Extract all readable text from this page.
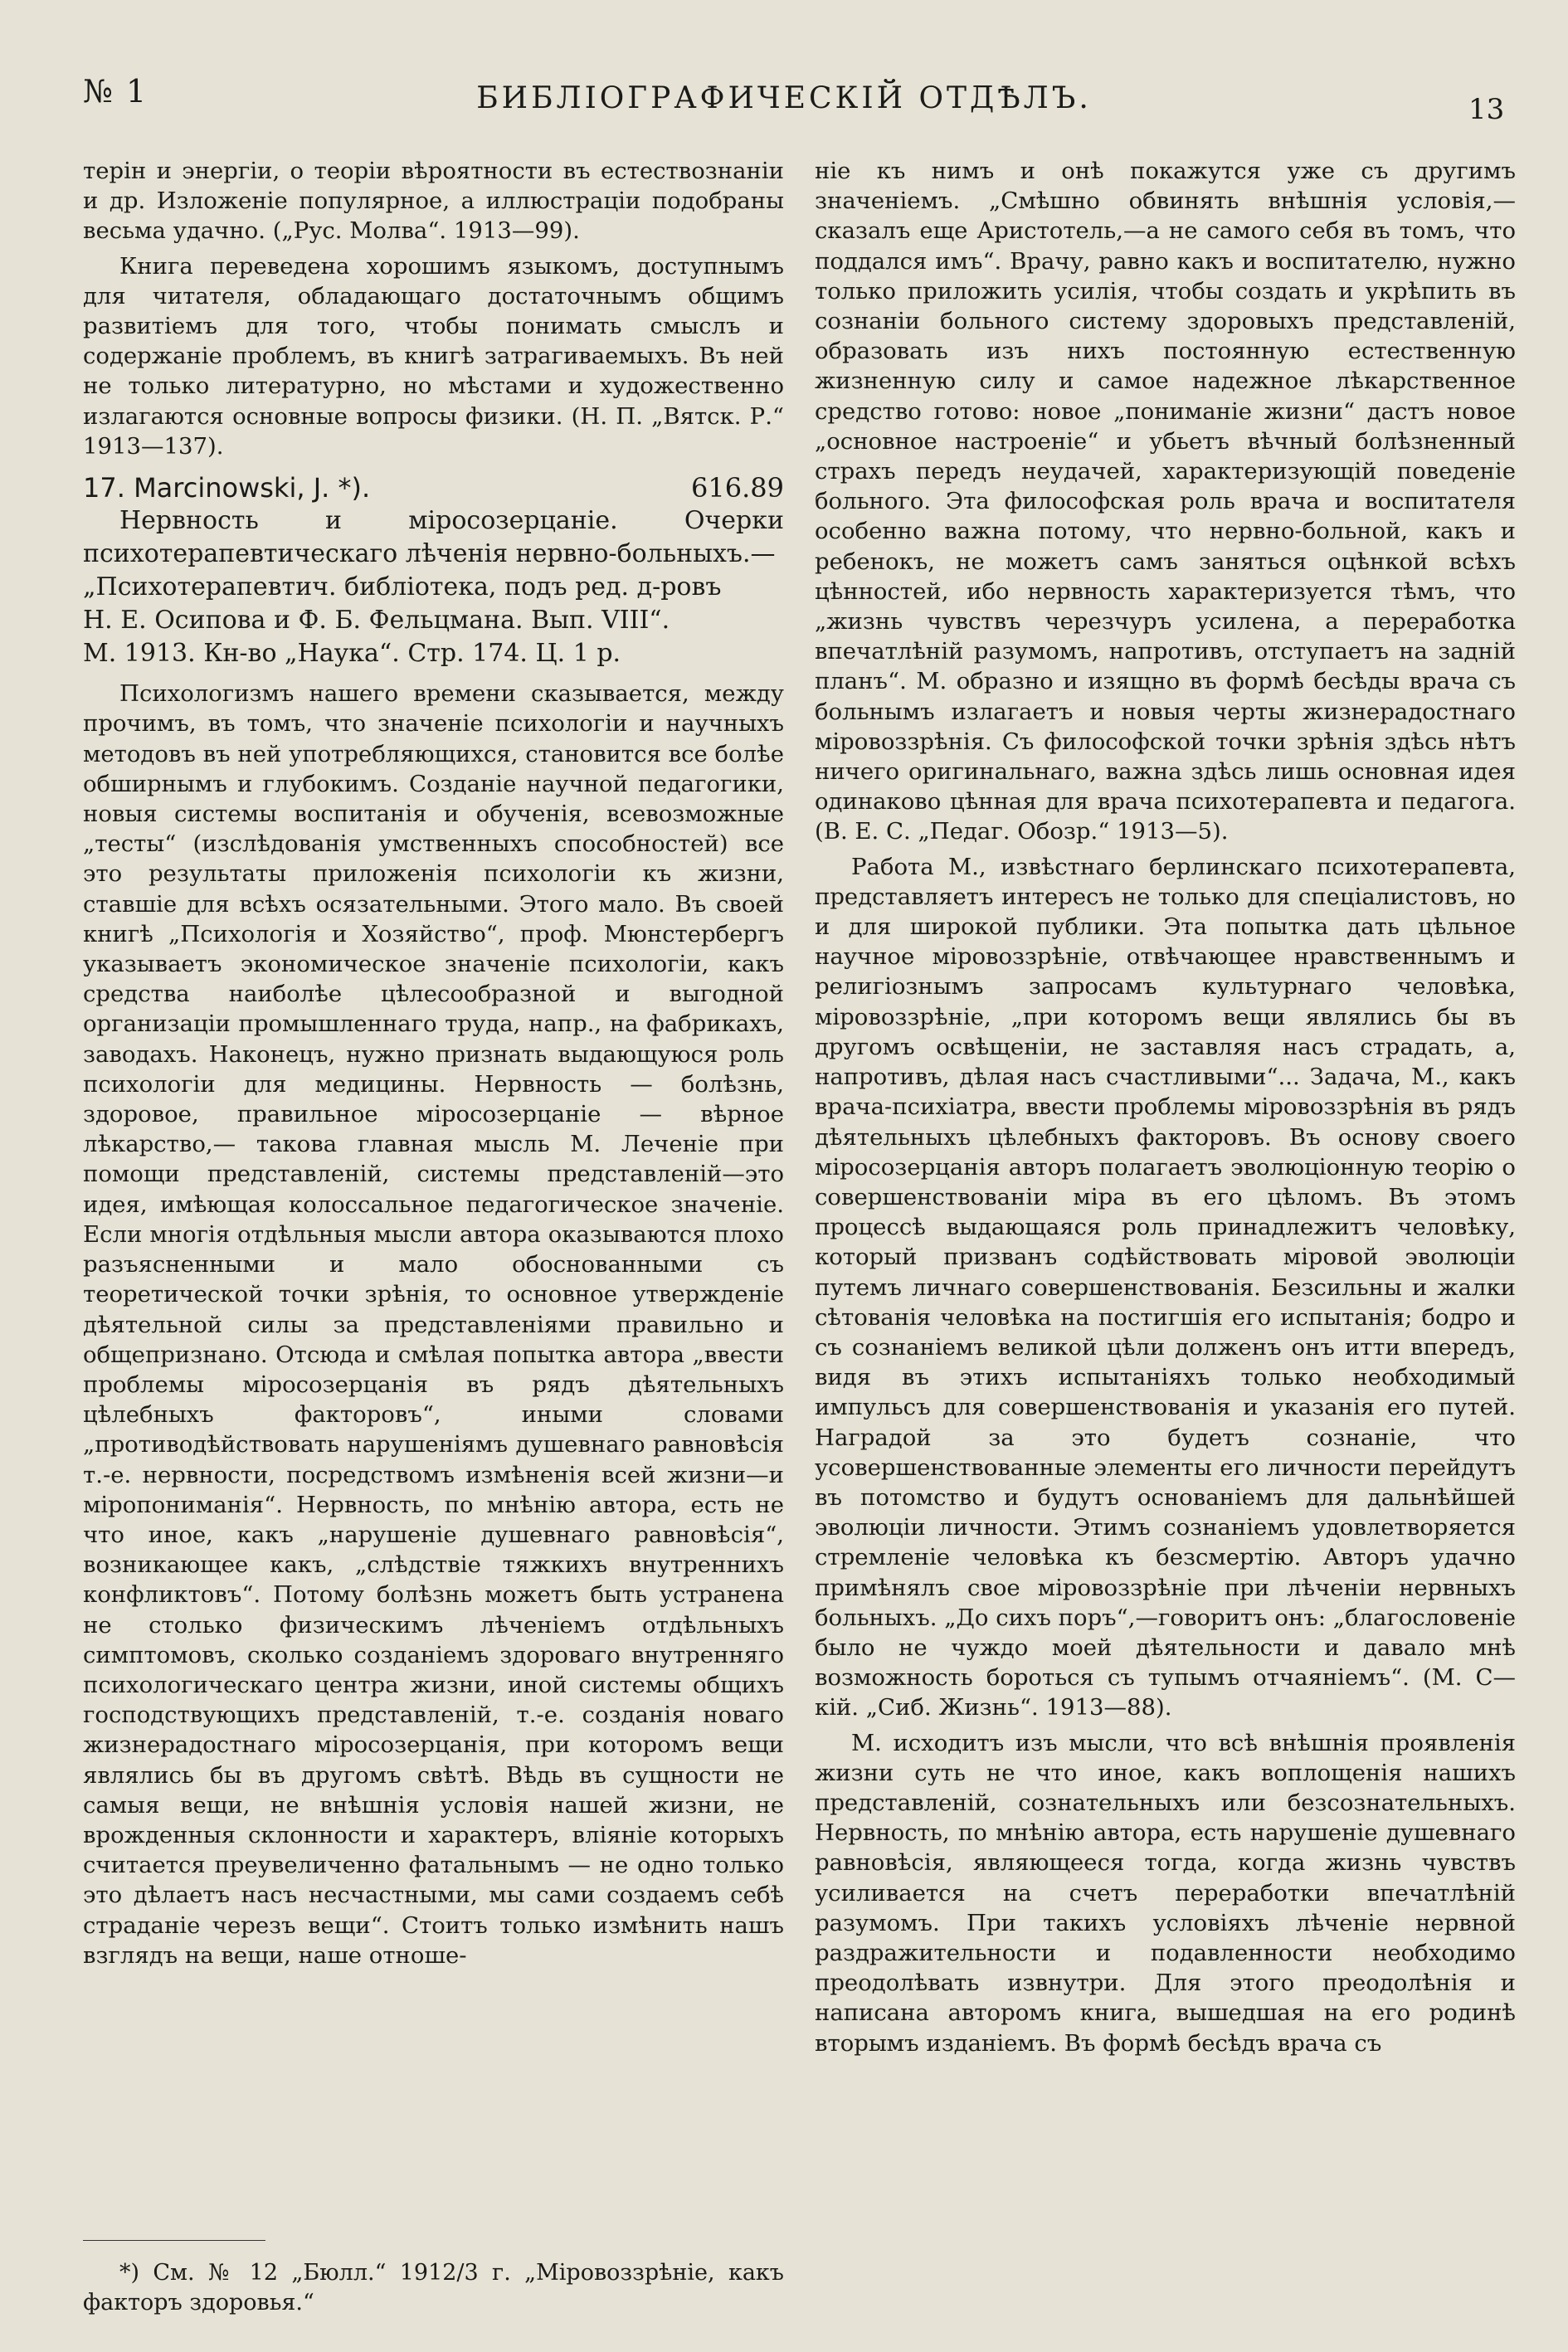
№ 1	БИБЛІОГРАФИЧЕСКІЙ ОТДѢЛЪ.	13

терін и энергіи, о теоріи вѣроятности въ естествознаніи и др. Изложеніе популярное, а иллюстраціи подобраны весьма удачно. („Рус. Молва“. 1913—99).

Книга переведена хорошимъ языкомъ, доступнымъ для читателя, обладающаго достаточнымъ общимъ развитіемъ для того, чтобы понимать смыслъ и содержаніе проблемъ, въ книгѣ затрагиваемыхъ. Въ ней не только литературно, но мѣстами и художественно излагаются основные вопросы физики. (Н. П. „Вятск. Р.“ 1913—137).

17. Marcinowski, J. *).	616.89
Нервность и міросозерцаніе. Очерки психотерапевтическаго лѣченія нервно-больныхъ.—
„Психотерапевтич. библіотека, подъ ред. д-ровъ
Н. Е. Осипова и Ф. Б. Фельцмана. Вып. VIII“.
М. 1913. Кн-во „Наука“. Стр. 174. Ц. 1 р.

Психологизмъ нашего времени сказывается, между прочимъ, въ томъ, что значеніе психологіи и научныхъ методовъ въ ней употребляющихся, становится все болѣе обширнымъ и глубокимъ. Созданіе научной педагогики, новыя системы воспитанія и обученія, всевозможные „тесты“ (изслѣдованія умственныхъ способностей) все это результаты приложенія психологіи къ жизни, ставшіе для всѣхъ осязательными. Этого мало. Въ своей книгѣ „Психологія и Хозяйство“, проф. Мюнстербергъ указываетъ экономическое значеніе психологіи, какъ средства наиболѣе цѣлесообразной и выгодной организаціи промышленнаго труда, напр., на фабрикахъ, заводахъ. Наконецъ, нужно признать выдающуюся роль психологіи для медицины. Нервность — болѣзнь, здоровое, правильное міросозерцаніе — вѣрное лѣкарство,— такова главная мысль М. Леченіе при помощи представленій, системы представленій—это идея, имѣющая колоссальное педагогическое значеніе. Если многія отдѣльныя мысли автора оказываются плохо разъясненными и мало обоснованными съ теоретической точки зрѣнія, то основное утвержденіе дѣятельной силы за представленіями правильно и общепризнано. Отсюда и смѣлая попытка автора „ввести проблемы міросозерцанія въ рядъ дѣятельныхъ цѣлебныхъ факторовъ“, иными словами „противодѣйствовать нарушеніямъ душевнаго равновѣсія т.-е. нервности, посредствомъ измѣненія всей жизни—и міропониманія“. Нервность, по мнѣнію автора, есть не что иное, какъ „нарушеніе душевнаго равновѣсія“, возникающее какъ, „слѣдствіе тяжкихъ внутреннихъ конфликтовъ“. Потому болѣзнь можетъ быть устранена не столько физическимъ лѣченіемъ отдѣльныхъ симптомовъ, сколько созданіемъ здороваго внутренняго психологическаго центра жизни, иной системы общихъ господствующихъ представленій, т.-е. созданія новаго жизнерадостнаго міросозерцанія, при которомъ вещи являлись бы въ другомъ свѣтѣ. Вѣдь въ сущности не самыя вещи, не внѣшнія условія нашей жизни, не врожденныя склонности и характеръ, вліяніе которыхъ считается преувеличенно фатальнымъ — не одно только это дѣлаетъ насъ несчастными, мы сами создаемъ себѣ страданіе черезъ вещи“. Стоитъ только измѣнить нашъ взглядъ на вещи, наше отноше-

ніе къ нимъ и онѣ покажутся уже съ другимъ значеніемъ. „Смѣшно обвинять внѣшнія условія,— сказалъ еще Аристотель,—а не самого себя въ томъ, что поддался имъ“. Врачу, равно какъ и воспитателю, нужно только приложить усилія, чтобы создать и укрѣпить въ сознаніи больного систему здоровыхъ представленій, образовать изъ нихъ постоянную естественную жизненную силу и самое надежное лѣкарственное средство готово: новое „пониманіе жизни“ дастъ новое „основное настроеніе“ и убьетъ вѣчный болѣзненный страхъ передъ неудачей, характеризующій поведеніе больного. Эта философская роль врача и воспитателя особенно важна потому, что нервно-больной, какъ и ребенокъ, не можетъ самъ заняться оцѣнкой всѣхъ цѣнностей, ибо нервность характеризуется тѣмъ, что „жизнь чувствъ черезчуръ усилена, а переработка впечатлѣній разумомъ, напротивъ, отступаетъ на задній планъ“. М. образно и изящно въ формѣ бесѣды врача съ больнымъ излагаетъ и новыя черты жизнерадостнаго міровоззрѣнія. Съ философской точки зрѣнія здѣсь нѣтъ ничего оригинальнаго, важна здѣсь лишь основная идея одинаково цѣнная для врача психотерапевта и педагога. (В. Е. С. „Педаг. Обозр.“ 1913—5).

Работа М., извѣстнаго берлинскаго психотерапевта, представляетъ интересъ не только для спеціалистовъ, но и для широкой публики. Эта попытка дать цѣльное научное міровоззрѣніе, отвѣчающее нравственнымъ и религіознымъ запросамъ культурнаго человѣка, міровоззрѣніе, „при которомъ вещи являлись бы въ другомъ освѣщеніи, не заставляя насъ страдать, а, напротивъ, дѣлая насъ счастливыми“... Задача, М., какъ врача-психіатра, ввести проблемы міровоззрѣнія въ рядъ дѣятельныхъ цѣлебныхъ факторовъ. Въ основу своего міросозерцанія авторъ полагаетъ эволюціонную теорію о совершенствованіи міра въ его цѣломъ. Въ этомъ процессѣ выдающаяся роль принадлежитъ человѣку, который призванъ содѣйствовать міровой эволюціи путемъ личнаго совершенствованія. Безсильны и жалки сѣтованія человѣка на постигшія его испытанія; бодро и съ сознаніемъ великой цѣли долженъ онъ итти впередъ, видя въ этихъ испытаніяхъ только необходимый импульсъ для совершенствованія и указанія его путей. Наградой за это будетъ сознаніе, что усовершенствованные элементы его личности перейдутъ въ потомство и будутъ основаніемъ для дальнѣйшей эволюціи личности. Этимъ сознаніемъ удовлетворяется стремленіе человѣка къ безсмертію. Авторъ удачно примѣнялъ свое міровоззрѣніе при лѣченіи нервныхъ больныхъ. „До сихъ поръ“,—говоритъ онъ: „благословеніе было не чуждо моей дѣятельности и давало мнѣ возможность бороться съ тупымъ отчаяніемъ“. (М. С—кій. „Сиб. Жизнь“. 1913—88).

М. исходитъ изъ мысли, что всѣ внѣшнія проявленія жизни суть не что иное, какъ воплощенія нашихъ представленій, сознательныхъ или безсознательныхъ. Нервность, по мнѣнію автора, есть нарушеніе душевнаго равновѣсія, являющееся тогда, когда жизнь чувствъ усиливается на счетъ переработки впечатлѣній разумомъ. При такихъ условіяхъ лѣченіе нервной раздражительности и подавленности необходимо преодолѣвать извнутри. Для этого преодолѣнія и написана авторомъ книга, вышедшая на его родинѣ вторымъ изданіемъ. Въ формѣ бесѣдъ врача съ

*) См. № 12 „Бюлл.“ 1912/3 г. „Міровоззрѣніе, какъ факторъ здоровья.“
